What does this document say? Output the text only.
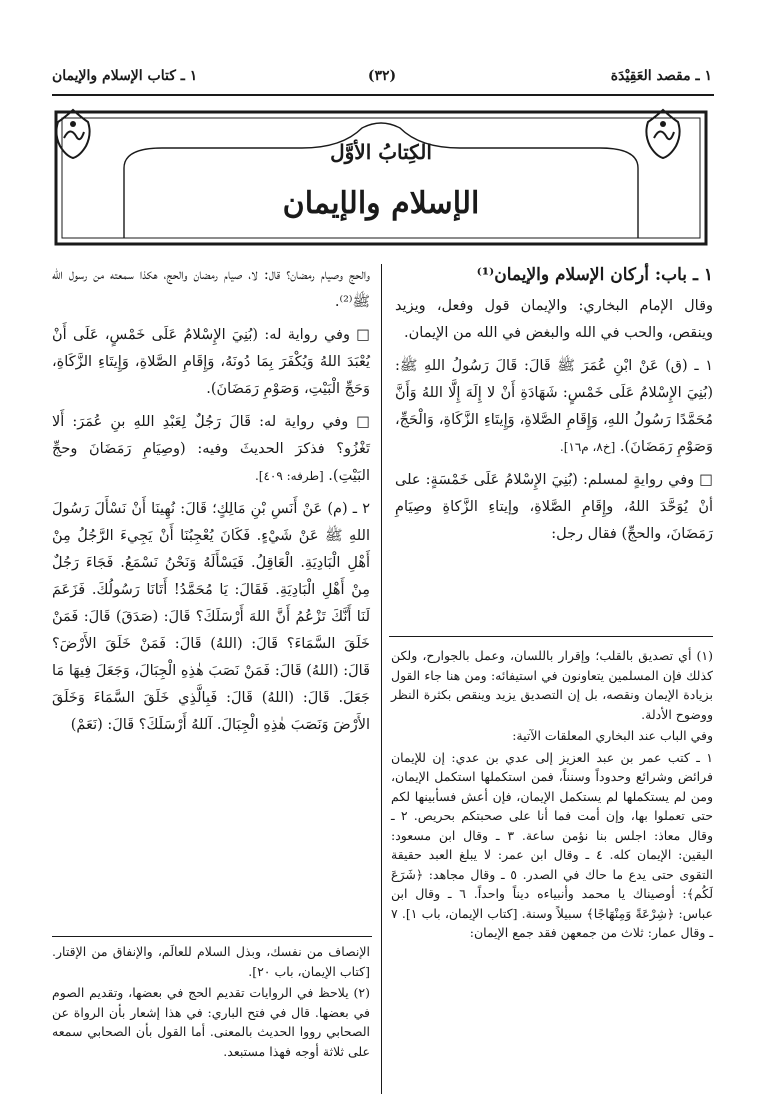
١ ـ مقصد العَقِيْدَة
(٣٢)
١ ـ كتاب الإسلام والإيمان
الكِتابُ الأوَّل
الإسلام والإيمان

١ ـ باب: أركان الإسلام والإيمان⁽¹⁾

وقال الإمام البخاري: والإيمان قول وفعل، ويزيد وينقص، والحب في الله والبغض في الله من الإيمان.

١ ـ (ق) عَنْ ابْنِ عُمَرَ ﷺ قَالَ: قَالَ رَسُولُ اللهِ ﷺ: (بُنِيَ الإِسْلامُ عَلَى خَمْسٍ: شَهَادَةِ أَنْ لا إِلَهَ إِلَّا اللهُ وَأَنَّ مُحَمَّدًا رَسُولُ اللهِ، وَإِقَامِ الصَّلاةِ، وَإِيتَاءِ الزَّكَاةِ، وَالْحَجِّ، وَصَوْمِ رَمَضَانَ). [خ٨، م١٦].

□ وفي روايةٍ لمسلم: (بُنِيَ الإِسْلامُ عَلَى خَمْسَةٍ: على أنْ يُوَحَّدَ اللهُ، وإِقَامِ الصَّلاةِ، وإيتاءِ الزَّكاةِ وصِيَامِ رَمَضَانَ، والحجِّ) فقال رجل:

(١) أي تصديق بالقلب؛ وإقرار باللسان، وعمل بالجوارح، ولكن كذلك فإن المسلمين يتعاونون في استيفائه: ومن هنا جاء القول بزيادة الإيمان ونقصه، بل إن التصديق يزيد وينقص بكثرة النظر ووضوح الأدلة.

وفي الباب عند البخاري المعلقات الآتية:

١ ـ كتب عمر بن عبد العزيز إلى عدي بن عدي: إن للإيمان فرائض وشرائع وحدوداً وسنناً، فمن استكملها استكمل الإيمان، ومن لم يستكملها لم يستكمل الإيمان، فإن أعش فسأبينها لكم حتى تعملوا بها، وإن أمت فما أنا على صحبتكم بحريص. ٢ ـ وقال معاذ: اجلس بنا نؤمن ساعة. ٣ ـ وقال ابن مسعود: اليقين: الإيمان كله. ٤ ـ وقال ابن عمر: لا يبلغ العبد حقيقة التقوى حتى يدع ما حاك في الصدر. ٥ ـ وقال مجاهد: ﴿شَرَعَ لَكُم﴾: أوصيناك يا محمد وأنبياءه ديناً واحداً. ٦ ـ وقال ابن عباس: ﴿شِرْعَةً وَمِنْهَاجًا﴾ سبيلاً وسنة. [كتاب الإيمان، باب ١]. ٧ ـ وقال عمار: ثلاث من جمعهن فقد جمع الإيمان:

والحج وصيام رمضان؟ قال: لا، صيام رمضان والحج، هكذا سمعته من رسول الله ﷺ⁽²⁾.

□ وفي رواية له: (بُنِيَ الإِسْلامُ عَلَى خَمْسٍ، عَلَى أَنْ يُعْبَدَ اللهُ وَيُكْفَرَ بِمَا دُونَهُ، وَإِقَامِ الصَّلاةِ، وَإِيتَاءِ الزَّكَاةِ، وَحَجِّ الْبَيْتِ، وَصَوْمِ رَمَضَانَ).

□ وفي رواية له: قَالَ رَجُلٌ لِعَبْدِ اللهِ بنِ عُمَرَ: أَلا تَغْزُو؟ فذكرَ الحديثَ وفيه: (وصِيَامِ رَمَضَانَ وحجِّ البَيْتِ). [طرفه: ٤٠٩].

٢ ـ (م) عَنْ أَنَسِ بْنِ مَالِكٍ؛ قَالَ: نُهِينَا أَنْ نَسْأَلَ رَسُولَ اللهِ ﷺ عَنْ شَيْءٍ. فَكَانَ يُعْجِبُنَا أَنْ يَجِيءَ الرَّجُلُ مِنْ أَهْلِ الْبَادِيَةِ. الْعَاقِلُ. فَيَسْأَلَهُ وَنَحْنُ نَسْمَعُ. فَجَاءَ رَجُلٌ مِنْ أَهْلِ الْبَادِيَةِ. فَقَالَ: يَا مُحَمَّدُ! أَتَانَا رَسُولُكَ. فَزَعَمَ لَنَا أَنَّكَ تَزْعُمُ أَنَّ اللهَ أَرْسَلَكَ؟ قَالَ: (صَدَقَ) قَالَ: فَمَنْ خَلَقَ السَّمَاءَ؟ قَالَ: (اللهُ) قَالَ: فَمَنْ خَلَقَ الأَرْضَ؟ قَالَ: (اللهُ) قَالَ: فَمَنْ نَصَبَ هٰذِهِ الْجِبَالَ، وَجَعَلَ فِيهَا مَا جَعَلَ. قَالَ: (اللهُ) قَالَ: فَبِالَّذِي خَلَقَ السَّمَاءَ وَخَلَقَ الأَرْضَ وَنَصَبَ هٰذِهِ الْجِبَالَ. آللهُ أَرْسَلَكَ؟ قَالَ: (نَعَمْ)

الإنصاف من نفسك، وبذل السلام للعالَم، والإنفاق من الإقتار. [كتاب الإيمان، باب ٢٠].

(٢) يلاحظ في الروايات تقديم الحج في بعضها، وتقديم الصوم في بعضها. قال في فتح الباري: في هذا إشعار بأن الرواة عن الصحابي رووا الحديث بالمعنى. أما القول بأن الصحابي سمعه على ثلاثة أوجه فهذا مستبعد.
